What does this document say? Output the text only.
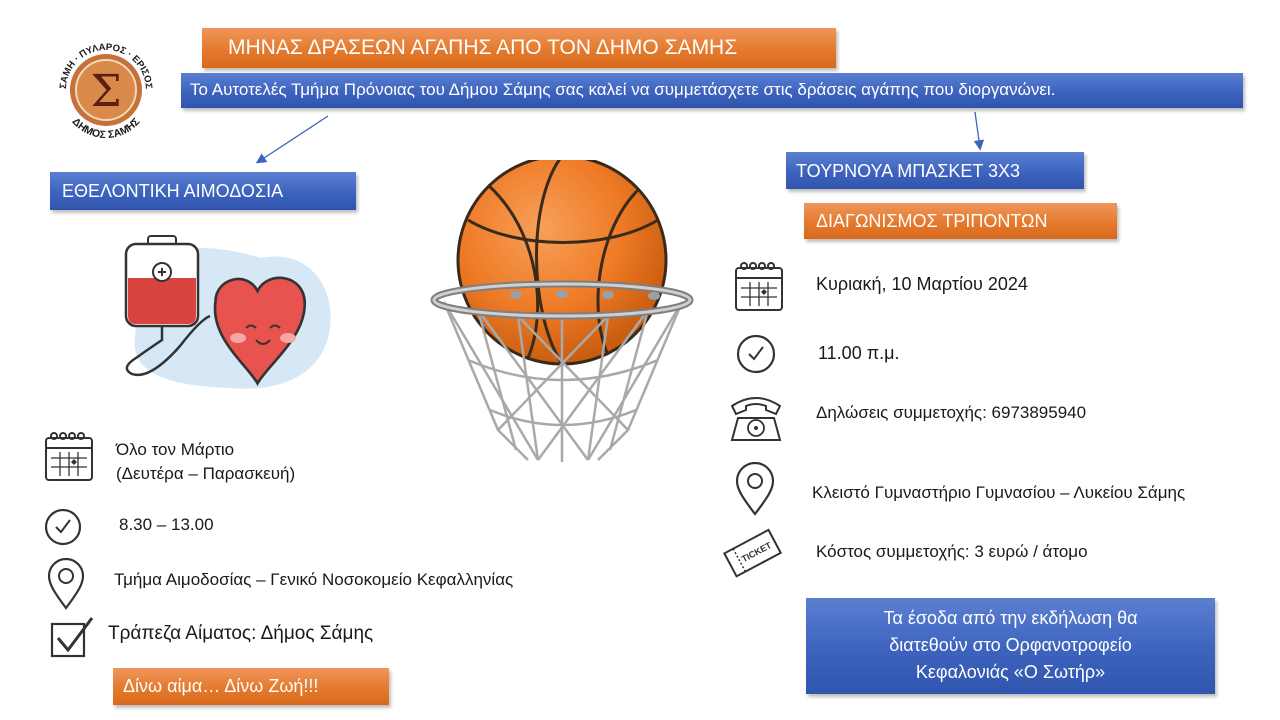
Σ
ΣΑΜΗ · ΠΥΛΑΡΟΣ · ΕΡΙΣΟΣ
ΔΗΜΟΣ ΣΑΜΗΣ
ΜΗΝΑΣ ΔΡΑΣΕΩΝ ΑΓΑΠΗΣ ΑΠΟ ΤΟΝ ΔΗΜΟ ΣΑΜΗΣ
Το Αυτοτελές Τμήμα Πρόνοιας του Δήμου Σάμης σας καλεί να συμμετάσχετε στις δράσεις αγάπης που διοργανώνει.
ΕΘΕΛΟΝΤΙΚΗ ΑΙΜΟΔΟΣΙΑ
Όλο τον Μάρτιο
(Δευτέρα – Παρασκευή)
8.30 – 13.00
Τμήμα Αιμοδοσίας – Γενικό Νοσοκομείο Κεφαλληνίας
Τράπεζα Αίματος: Δήμος Σάμης
Δίνω αίμα… Δίνω Ζωή!!!
ΤΟΥΡΝΟΥΑ ΜΠΑΣΚΕΤ 3Χ3
ΔΙΑΓΩΝΙΣΜΟΣ ΤΡΙΠΟΝΤΩΝ
Κυριακή, 10 Μαρτίου 2024
11.00 π.μ.
Δηλώσεις συμμετοχής: 6973895940
Κλειστό Γυμναστήριο Γυμνασίου – Λυκείου Σάμης
TICKET	Κόστος συμμετοχής: 3 ευρώ / άτομο
Τα έσοδα από την εκδήλωση θα διατεθούν στο Ορφανοτροφείο Κεφαλονιάς «Ο Σωτήρ»
